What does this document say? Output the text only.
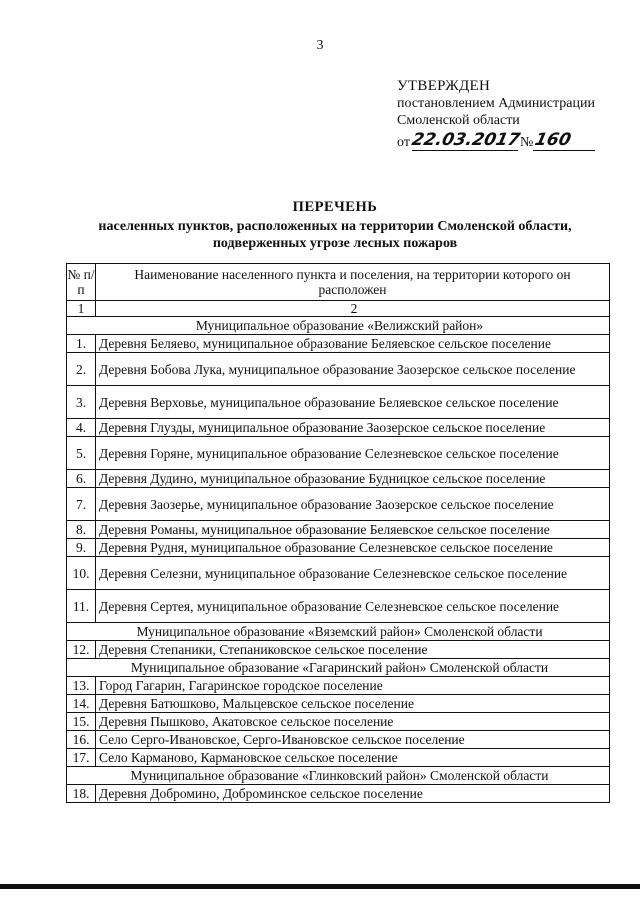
3
УТВЕРЖДЕН
постановлением Администрации
Смоленской области
от 22.03.2017
№ 160
ПЕРЕЧЕНЬ
населенных пунктов, расположенных на территории Смоленской области,
подверженных угрозе лесных пожаров
№ п/п	Наименование населенного пункта и поселения, на территории которого он расположен
1	2
Муниципальное образование «Велижский район»	
1.	Деревня Беляево, муниципальное образование Беляевское сельское поселение
2.	Деревня Бобова Лука, муниципальное образование Заозерское сельское поселение
3.	Деревня Верховье, муниципальное образование Беляевское сельское поселение
4.	Деревня Глузды, муниципальное образование Заозерское сельское поселение
5.	Деревня Горяне, муниципальное образование Селезневское сельское поселение
6.	Деревня Дудино, муниципальное образование Будницкое сельское поселение
7.	Деревня Заозерье, муниципальное образование Заозерское сельское поселение
8.	Деревня Романы, муниципальное образование Беляевское сельское поселение
9.	Деревня Рудня, муниципальное образование Селезневское сельское поселение
10.	Деревня Селезни, муниципальное образование Селезневское сельское поселение
11.	Деревня Сертея, муниципальное образование Селезневское сельское поселение
Муниципальное образование «Вяземский район» Смоленской области	
12.	Деревня Степаники, Степаниковское сельское поселение
Муниципальное образование «Гагаринский район» Смоленской области	
13.	Город Гагарин, Гагаринское городское поселение
14.	Деревня Батюшково, Мальцевское сельское поселение
15.	Деревня Пышково, Акатовское сельское поселение
16.	Село Серго-Ивановское, Серго-Ивановское сельское поселение
17.	Село Карманово, Кармановское сельское поселение
Муниципальное образование «Глинковский район» Смоленской области	
18.	Деревня Добромино, Доброминское сельское поселение
